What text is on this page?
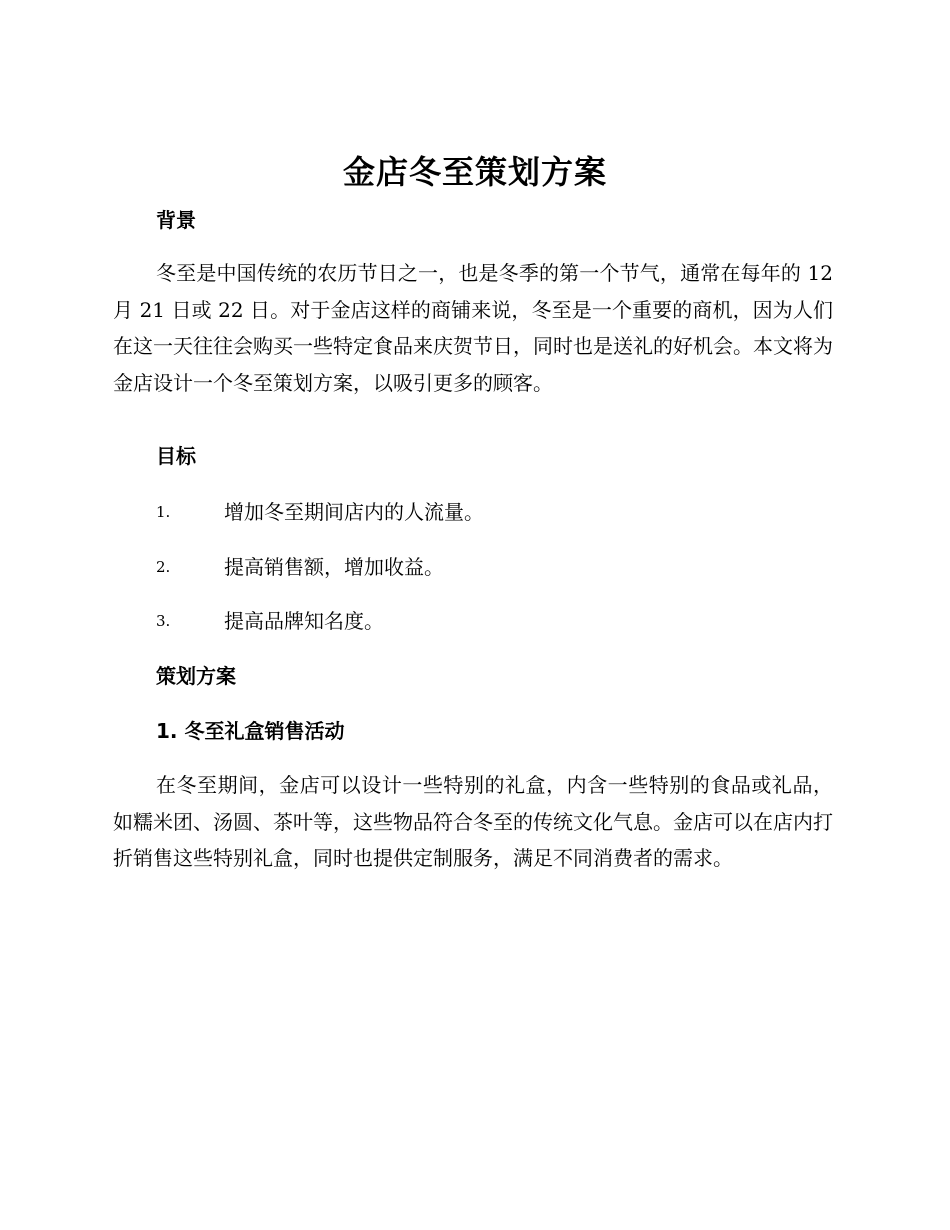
金店冬至策划方案
背景
冬至是中国传统的农历节日之一，也是冬季的第一个节气，通常在每年的 12 月 21 日或 22 日。对于金店这样的商铺来说，冬至是一个重要的商机，因为人们在这一天往往会购买一些特定食品来庆贺节日，同时也是送礼的好机会。本文将为金店设计一个冬至策划方案，以吸引更多的顾客。
目标
1.	增加冬至期间店内的人流量。
2.	提高销售额，增加收益。
3.	提高品牌知名度。
策划方案
1. 冬至礼盒销售活动
在冬至期间，金店可以设计一些特别的礼盒，内含一些特别的食品或礼品，如糯米团、汤圆、茶叶等，这些物品符合冬至的传统文化气息。金店可以在店内打折销售这些特别礼盒，同时也提供定制服务，满足不同消费者的需求。
